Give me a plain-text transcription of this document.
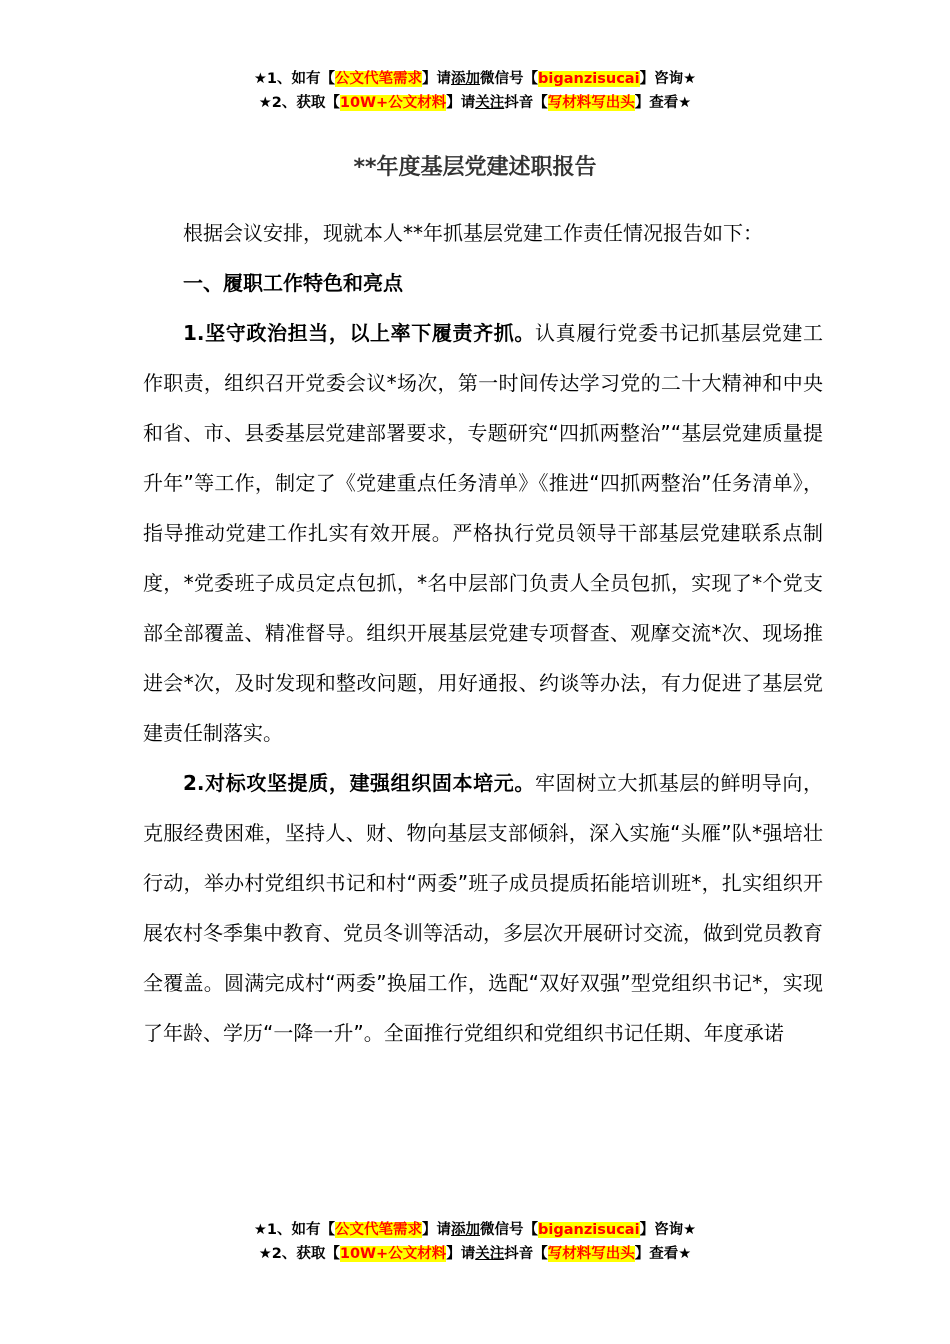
★1、如有【公文代笔需求】请添加微信号【biganzisucai】咨询★
★2、获取【10W+公文材料】请关注抖音【写材料写出头】查看★
**年度基层党建述职报告

根据会议安排，现就本人**年抓基层党建工作责任情况报告如下：

一、履职工作特色和亮点

1.坚守政治担当，以上率下履责齐抓。认真履行党委书记抓基层党建工作职责，组织召开党委会议*场次，第一时间传达学习党的二十大精神和中央和省、市、县委基层党建部署要求，专题研究“四抓两整治”“基层党建质量提升年”等工作，制定了《党建重点任务清单》《推进“四抓两整治”任务清单》，指导推动党建工作扎实有效开展。严格执行党员领导干部基层党建联系点制度，*党委班子成员定点包抓，*名中层部门负责人全员包抓，实现了*个党支部全部覆盖、精准督导。组织开展基层党建专项督查、观摩交流*次、现场推进会*次，及时发现和整改问题，用好通报、约谈等办法，有力促进了基层党建责任制落实。

2.对标攻坚提质，建强组织固本培元。牢固树立大抓基层的鲜明导向，克服经费困难，坚持人、财、物向基层支部倾斜，深入实施“头雁”队*强培壮行动，举办村党组织书记和村“两委”班子成员提质拓能培训班*，扎实组织开展农村冬季集中教育、党员冬训等活动，多层次开展研讨交流，做到党员教育全覆盖。圆满完成村“两委”换届工作，选配“双好双强”型党组织书记*，实现了年龄、学历“一降一升”。全面推行党组织和党组织书记任期、年度承诺

★1、如有【公文代笔需求】请添加微信号【biganzisucai】咨询★
★2、获取【10W+公文材料】请关注抖音【写材料写出头】查看★
